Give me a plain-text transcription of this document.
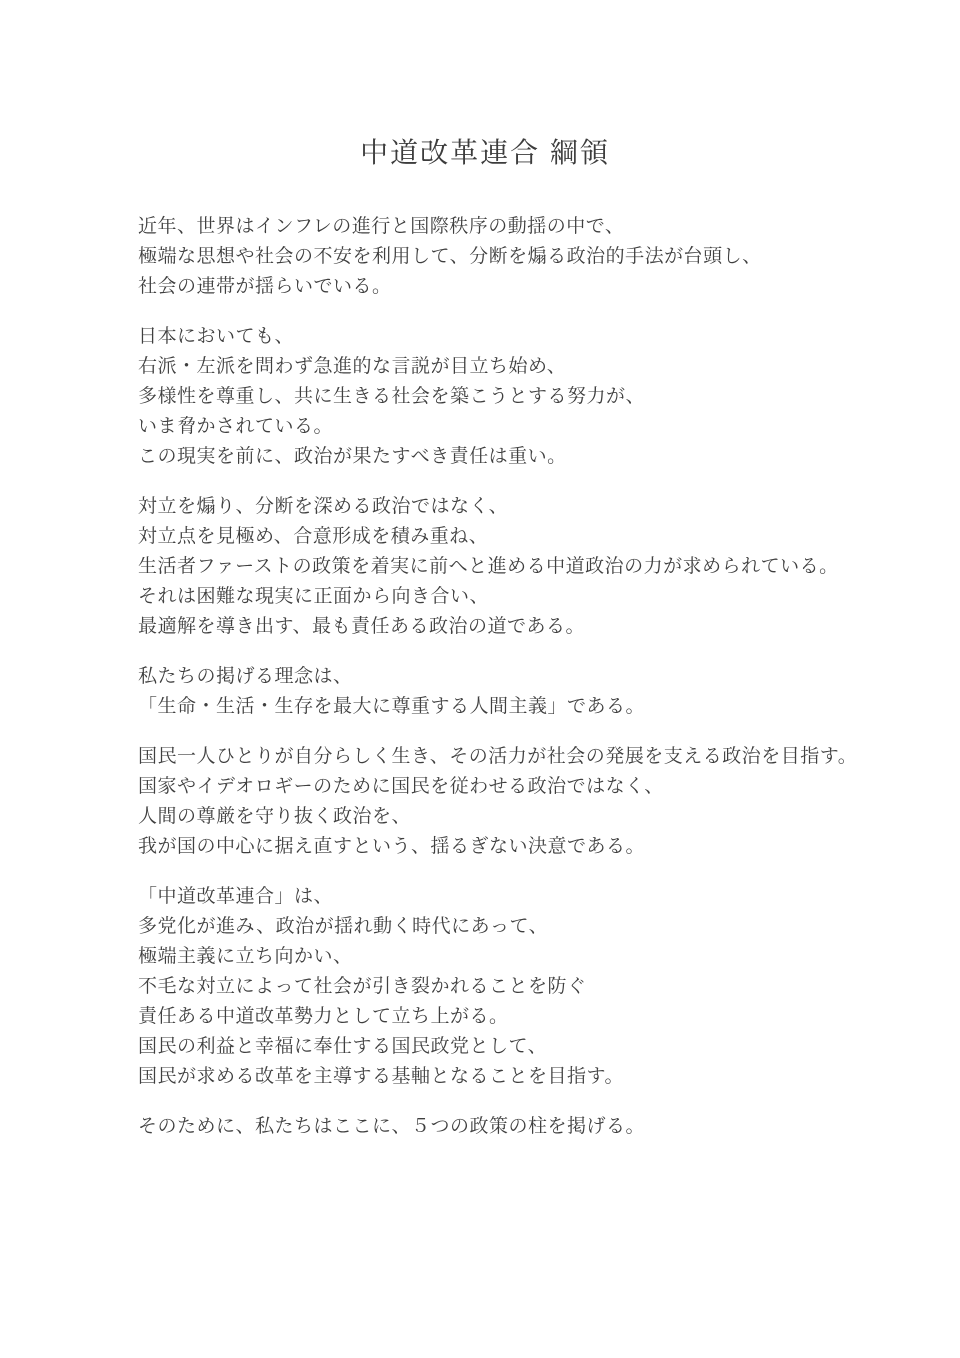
中道改革連合 綱領
近年、世界はインフレの進行と国際秩序の動揺の中で、
極端な思想や社会の不安を利用して、分断を煽る政治的手法が台頭し、
社会の連帯が揺らいでいる。
日本においても、
右派・左派を問わず急進的な言説が目立ち始め、
多様性を尊重し、共に生きる社会を築こうとする努力が、
いま脅かされている。
この現実を前に、政治が果たすべき責任は重い。
対立を煽り、分断を深める政治ではなく、
対立点を見極め、合意形成を積み重ね、
生活者ファーストの政策を着実に前へと進める中道政治の力が求められている。
それは困難な現実に正面から向き合い、
最適解を導き出す、最も責任ある政治の道である。
私たちの掲げる理念は、
「生命・生活・生存を最大に尊重する人間主義」である。
国民一人ひとりが自分らしく生き、その活力が社会の発展を支える政治を目指す。
国家やイデオロギーのために国民を従わせる政治ではなく、
人間の尊厳を守り抜く政治を、
我が国の中心に据え直すという、揺るぎない決意である。
「中道改革連合」は、
多党化が進み、政治が揺れ動く時代にあって、
極端主義に立ち向かい、
不毛な対立によって社会が引き裂かれることを防ぐ
責任ある中道改革勢力として立ち上がる。
国民の利益と幸福に奉仕する国民政党として、
国民が求める改革を主導する基軸となることを目指す。
そのために、私たちはここに、５つの政策の柱を掲げる。
